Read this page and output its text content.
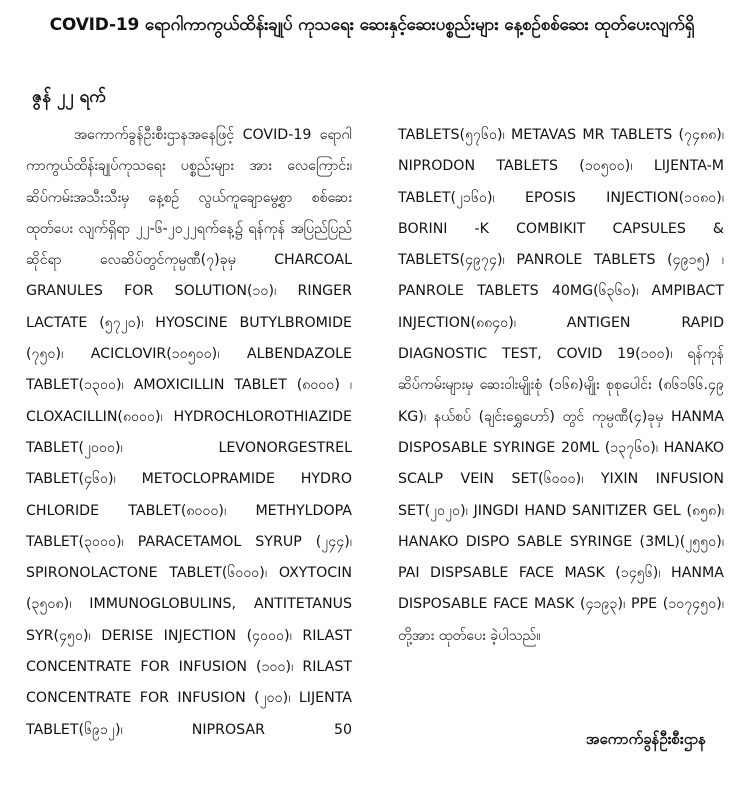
COVID-19 ရောဂါကာကွယ်ထိန်းချုပ် ကုသရေး ဆေးနှင့်ဆေးပစ္စည်းများ နေ့စဉ်စစ်ဆေး ထုတ်ပေးလျက်ရှိ
ဇွန် ၂၂ ရက်
အကောက်ခွန်ဦးစီးဌာနအနေဖြင့် COVID-19 ရောဂါကာကွယ်ထိန်းချုပ်ကုသရေး ပစ္စည်းများ အား လေကြောင်း၊ ဆိပ်ကမ်းအသီးသီးမှ နေ့စဉ် လွယ်ကူချောမွေ့စွာ စစ်ဆေးထုတ်ပေး လျက်ရှိရာ ၂၂-၆-၂၀၂၂ရက်နေ့၌ ရန်ကုန် အပြည်ပြည်ဆိုင်ရာ လေဆိပ်တွင်ကုမ္ပဏီ(၇)ခုမှ CHARCOAL GRANULES FOR SOLUTION(၁၀)၊ RINGER LACTATE (၅၇၂၀)၊ HYOSCINE BUTYLBROMIDE (၇၅၀)၊ ACICLOVIR(၁၀၅၀၀)၊ ALBENDAZOLE TABLET(၁၃၀၀)၊ AMOXICILLIN TABLET (၈၀၀၀) ၊ CLOXACILLIN(၈၀၀၀)၊ HYDROCHLOROTHIAZIDE TABLET(၂၀၀၀)၊ LEVONORGESTREL TABLET(၄၆၀)၊ METOCLOPRAMIDE HYDRO CHLORIDE TABLET(၈၀၀၀)၊ METHYLDOPA TABLET(၃၀၀၀)၊ PARACETAMOL SYRUP (၂၄၄)၊ SPIRONOLACTONE TABLET(၆၀၀၀)၊ OXYTOCIN (၃၅၀၈)၊ IMMUNOGLOBULINS, ANTITETANUS SYR(၄၅၀)၊ DERISE INJECTION (၄၀၀၀)၊ RILAST CONCENTRATE FOR INFUSION (၁၀၀)၊ RILAST CONCENTRATE FOR INFUSION (၂၀၀)၊ LIJENTA TABLET(၆၉၁၂)၊ NIPROSAR 50
TABLETS(၅၇၆၀)၊ METAVAS MR TABLETS (၇၄၈၈)၊NIPRODON TABLETS (၁၀၅၀၀)၊ LIJENTA-M TABLET(၂၁၆၀)၊ EPOSIS INJECTION(၁၀၈၀)၊ BORINI -K COMBIKIT CAPSULES & TABLETS(၄၉၇၄)၊ PANROLE TABLETS (၄၉၁၅) ၊ PANROLE TABLETS 40MG(၆၃၆၀)၊ AMPIBACT INJECTION(၈၈၄၀)၊ ANTIGEN RAPID DIAGNOSTIC TEST, COVID 19(၁၀၀)၊ ရန်ကုန်ဆိပ်ကမ်းများမှ ဆေးဝါးမျိုးစုံ (၁၆၈)မျိုး စုစုပေါင်း (၈၆၁၆၆.၄၉ KG)၊ နယ်စပ် (ချင်းရွှေဟော်) တွင် ကုမ္ပဏီ(၄)ခုမှ HANMA DISPOSABLE SYRINGE 20ML (၁၃၇၆၀)၊ HANAKO SCALP VEIN SET(၆၀၀၀)၊ YIXIN INFUSION SET(၂၀၂၀)၊ JINGDI HAND SANITIZER GEL (၈၅၈)၊ HANAKO DISPO SABLE SYRINGE (3ML)(၂၅၅၀)၊ PAI DISPSABLE FACE MASK (၁၄၅၆)၊ HANMA DISPOSABLE FACE MASK (၄၁၉၃)၊ PPE (၁၀၇၄၅၀)၊ တို့အား ထုတ်ပေး ခဲ့ပါသည်။
အကောက်ခွန်ဦးစီးဌာန
